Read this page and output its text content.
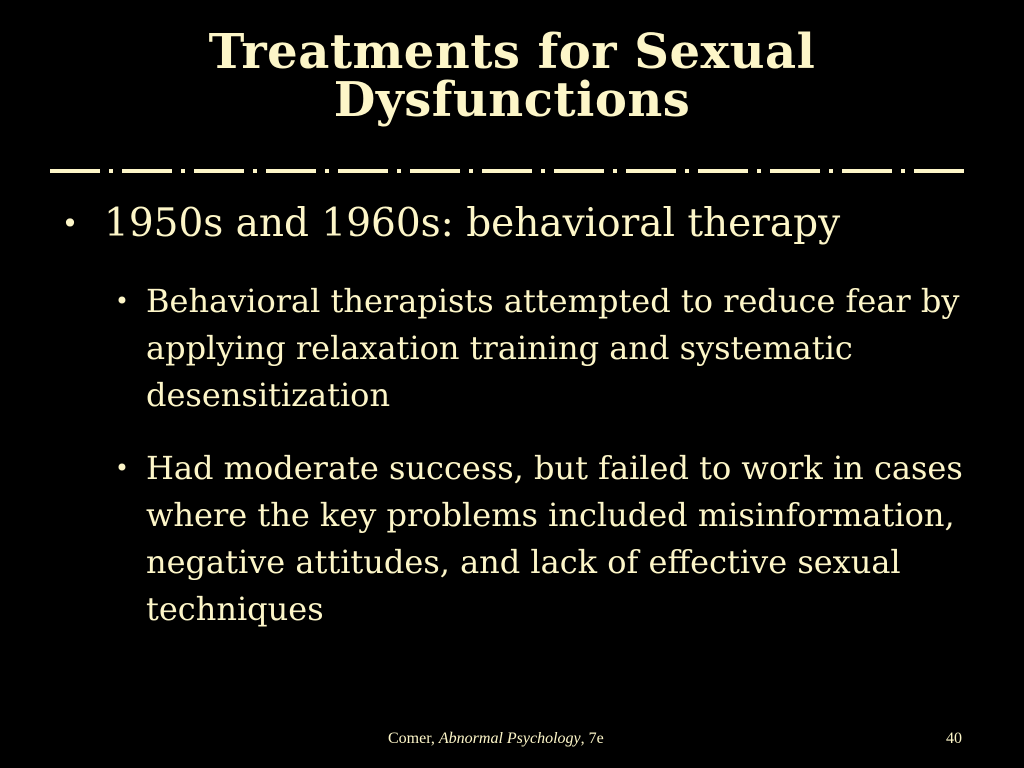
Treatments for Sexual
Dysfunctions
• 1950s and 1960s: behavioral therapy
• Behavioral therapists attempted to reduce fear by applying relaxation training and systematic desensitization
• Had moderate success, but failed to work in cases where the key problems included misinformation, negative attitudes, and lack of effective sexual techniques
Comer, Abnormal Psychology, 7e	40
